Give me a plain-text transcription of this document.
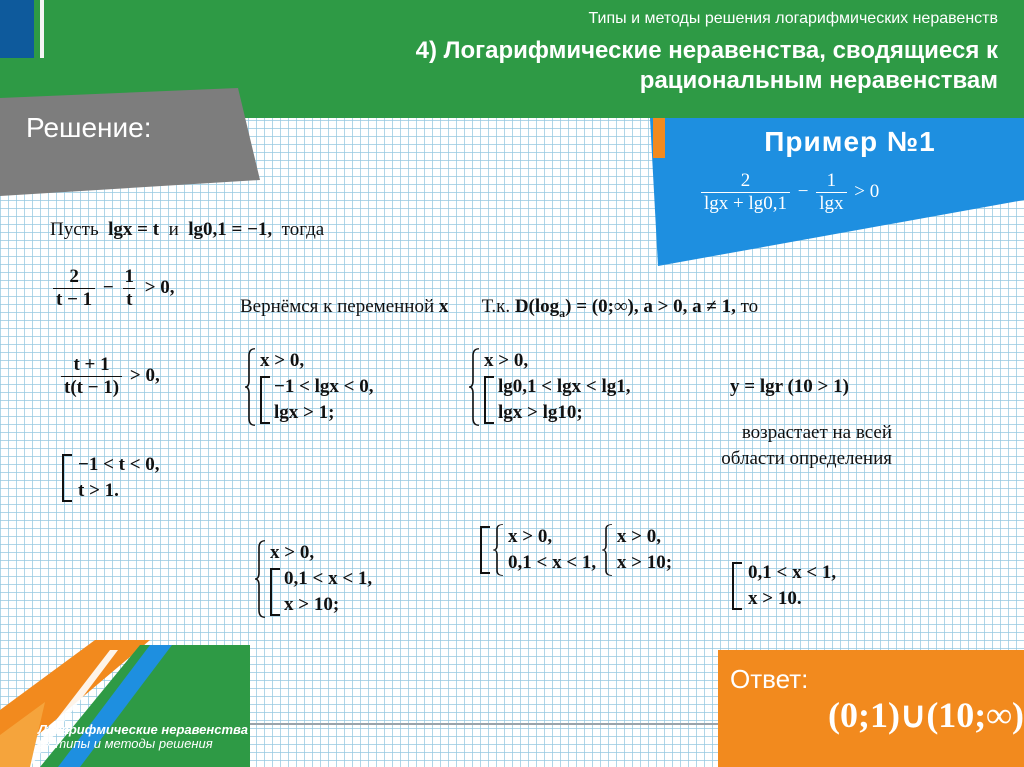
Типы и методы решения логарифмических неравенств
4) Логарифмические неравенства, сводящиеся к
рациональным неравенствам
Решение:	Пример №1
$\frac{2}{\lg x + \lg 0,1} - \frac{1}{\lg x} > 0$
Пусть lgx = t и lg0,1 = −1, тогда
$\frac{2}{t - 1} - \frac{1}{t} > 0$,
Вернёмся к переменной x Т.к. $D(\log_a)$ = (0;∞), a > 0, a ≠ 1, то
$\frac{t + 1}{t(t - 1)} > 0$,
−1 < t < 0,
t > 1.
x > 0,
−1 < lgx < 0,
lgx > 1;
x > 0,
lg0,1 < lgx < lg1,
lgx > lg10;
y = lgr (10 > 1)
возрастает на всей
области определения
x > 0,
0,1 < x < 1,
x > 10;
x > 0,
0,1 < x < 1,

x > 0,
x > 10;	0,1 < x < 1,
x > 10.
Логарифмические неравенства
их типы и методы решения
Ответ:
(0;1)∪(10;∞)
